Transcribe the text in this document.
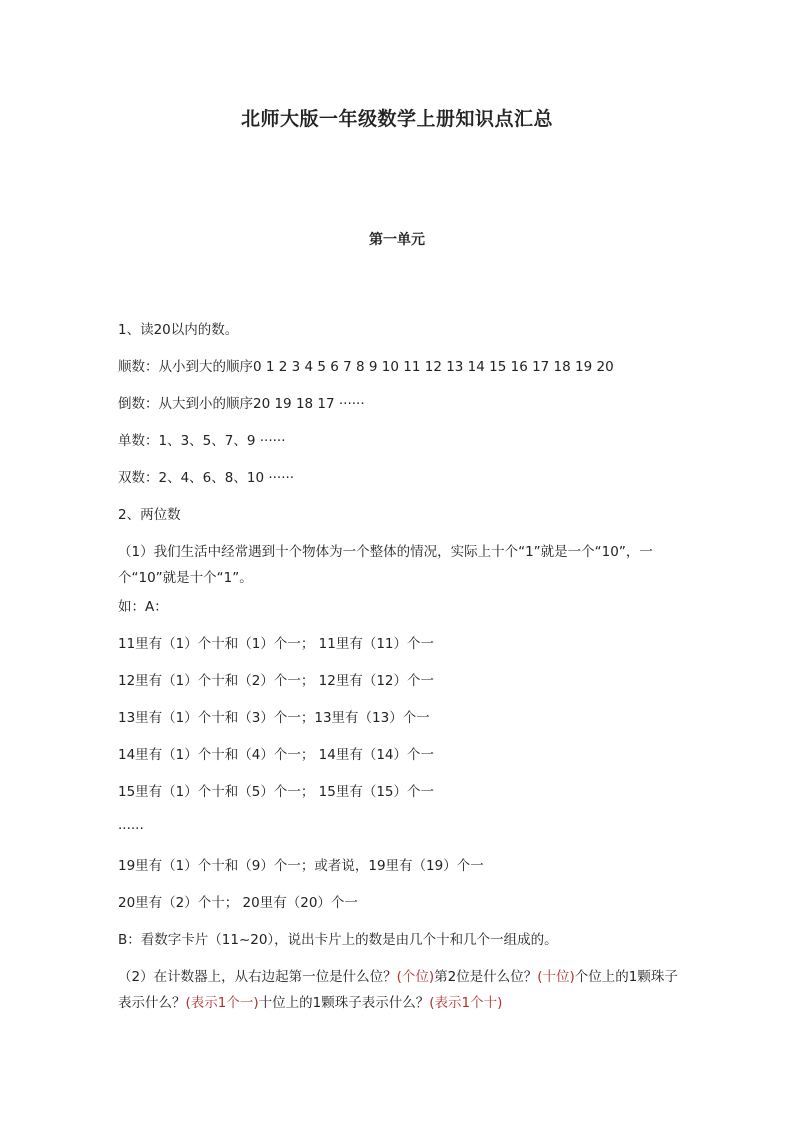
北师大版一年级数学上册知识点汇总
第一单元
1、读20以内的数。
顺数：从小到大的顺序0 1 2 3 4 5 6 7 8 9 10 11 12 13 14 15 16 17 18 19 20
倒数：从大到小的顺序20 19 18 17 ······
单数：1、3、5、7、9 ······
双数：2、4、6、8、10 ······
2、两位数
（1）我们生活中经常遇到十个物体为一个整体的情况，实际上十个“1”就是一个“10”，一个“10”就是十个“1”。
如：A：
11里有（1）个十和（1）个一； 11里有（11）个一
12里有（1）个十和（2）个一； 12里有（12）个一
13里有（1）个十和（3）个一；13里有（13）个一
14里有（1）个十和（4）个一； 14里有（14）个一
15里有（1）个十和（5）个一； 15里有（15）个一
······
19里有（1）个十和（9）个一；或者说，19里有（19）个一
20里有（2）个十； 20里有（20）个一
B：看数字卡片（11~20），说出卡片上的数是由几个十和几个一组成的。
（2）在计数器上，从右边起第一位是什么位？(个位)第2位是什么位？(十位)个位上的1颗珠子表示什么？(表示1个一)十位上的1颗珠子表示什么？(表示1个十)
